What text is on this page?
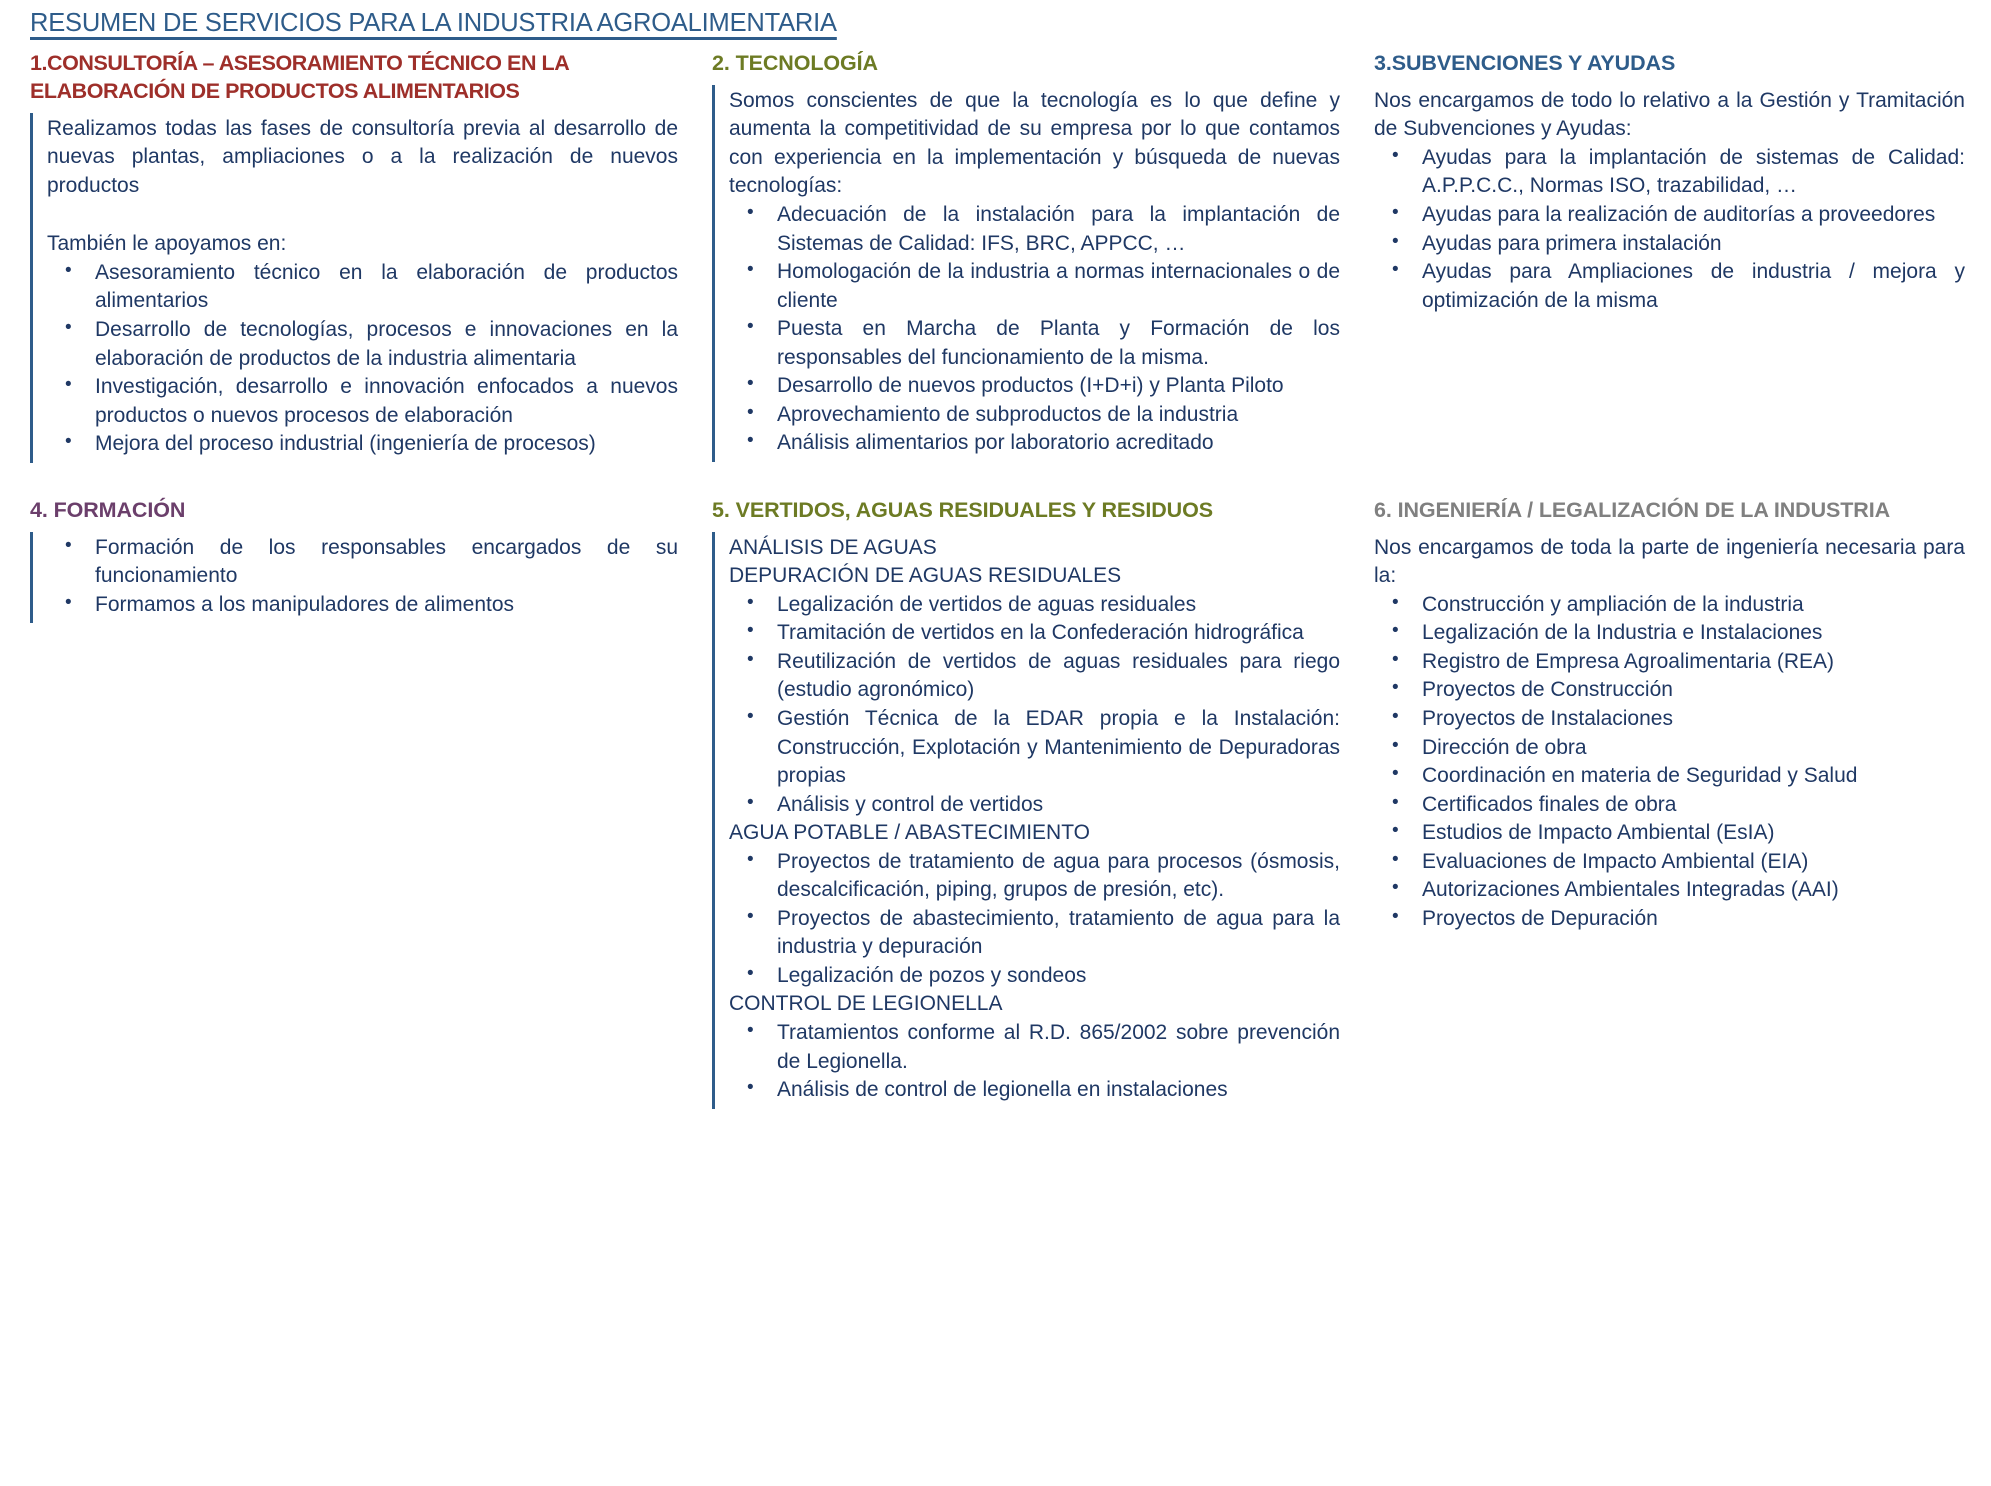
RESUMEN DE SERVICIOS PARA LA INDUSTRIA AGROALIMENTARIA
1.CONSULTORÍA – ASESORAMIENTO TÉCNICO EN LA ELABORACIÓN DE PRODUCTOS ALIMENTARIOS

Realizamos todas las fases de consultoría previa al desarrollo de nuevas plantas, ampliaciones o a la realización de nuevos productos

También le apoyamos en:

• Asesoramiento técnico en la elaboración de productos alimentarios
• Desarrollo de tecnologías, procesos e innovaciones en la elaboración de productos de la industria alimentaria
• Investigación, desarrollo e innovación enfocados a nuevos productos o nuevos procesos de elaboración
• Mejora del proceso industrial (ingeniería de procesos)
2. TECNOLOGÍA

Somos conscientes de que la tecnología es lo que define y aumenta la competitividad de su empresa por lo que contamos con experiencia en la implementación y búsqueda de nuevas tecnologías:

• Adecuación de la instalación para la implantación de Sistemas de Calidad: IFS, BRC, APPCC, …
• Homologación de la industria a normas internacionales o de cliente
• Puesta en Marcha de Planta y Formación de los responsables del funcionamiento de la misma.
• Desarrollo de nuevos productos (I+D+i) y Planta Piloto
• Aprovechamiento de subproductos de la industria
• Análisis alimentarios por laboratorio acreditado
3.SUBVENCIONES Y AYUDAS

Nos encargamos de todo lo relativo a la Gestión y Tramitación de Subvenciones y Ayudas:

• Ayudas para la implantación de sistemas de Calidad: A.P.P.C.C., Normas ISO, trazabilidad, …
• Ayudas para la realización de auditorías a proveedores
• Ayudas para primera instalación
• Ayudas para Ampliaciones de industria / mejora y optimización de la misma
4. FORMACIÓN
• Formación de los responsables encargados de su funcionamiento
• Formamos a los manipuladores de alimentos
5. VERTIDOS, AGUAS RESIDUALES Y RESIDUOS
ANÁLISIS DE AGUAS
DEPURACIÓN DE AGUAS RESIDUALES
• Legalización de vertidos de aguas residuales
• Tramitación de vertidos en la Confederación hidrográfica
• Reutilización de vertidos de aguas residuales para riego (estudio agronómico)
• Gestión Técnica de la EDAR propia e la Instalación: Construcción, Explotación y Mantenimiento de Depuradoras propias
• Análisis y control de vertidos
AGUA POTABLE / ABASTECIMIENTO
• Proyectos de tratamiento de agua para procesos (ósmosis, descalcificación, piping, grupos de presión, etc).
• Proyectos de abastecimiento, tratamiento de agua para la industria y depuración
• Legalización de pozos y sondeos
CONTROL DE LEGIONELLA
• Tratamientos conforme al R.D. 865/2002 sobre prevención de Legionella.
• Análisis de control de legionella en instalaciones
6. INGENIERÍA / LEGALIZACIÓN DE LA INDUSTRIA

Nos encargamos de toda la parte de ingeniería necesaria para la:

• Construcción y ampliación de la industria
• Legalización de la Industria e Instalaciones
• Registro de Empresa Agroalimentaria (REA)
• Proyectos de Construcción
• Proyectos de Instalaciones
• Dirección de obra
• Coordinación en materia de Seguridad y Salud
• Certificados finales de obra
• Estudios de Impacto Ambiental (EsIA)
• Evaluaciones de Impacto Ambiental (EIA)
• Autorizaciones Ambientales Integradas (AAI)
• Proyectos de Depuración
